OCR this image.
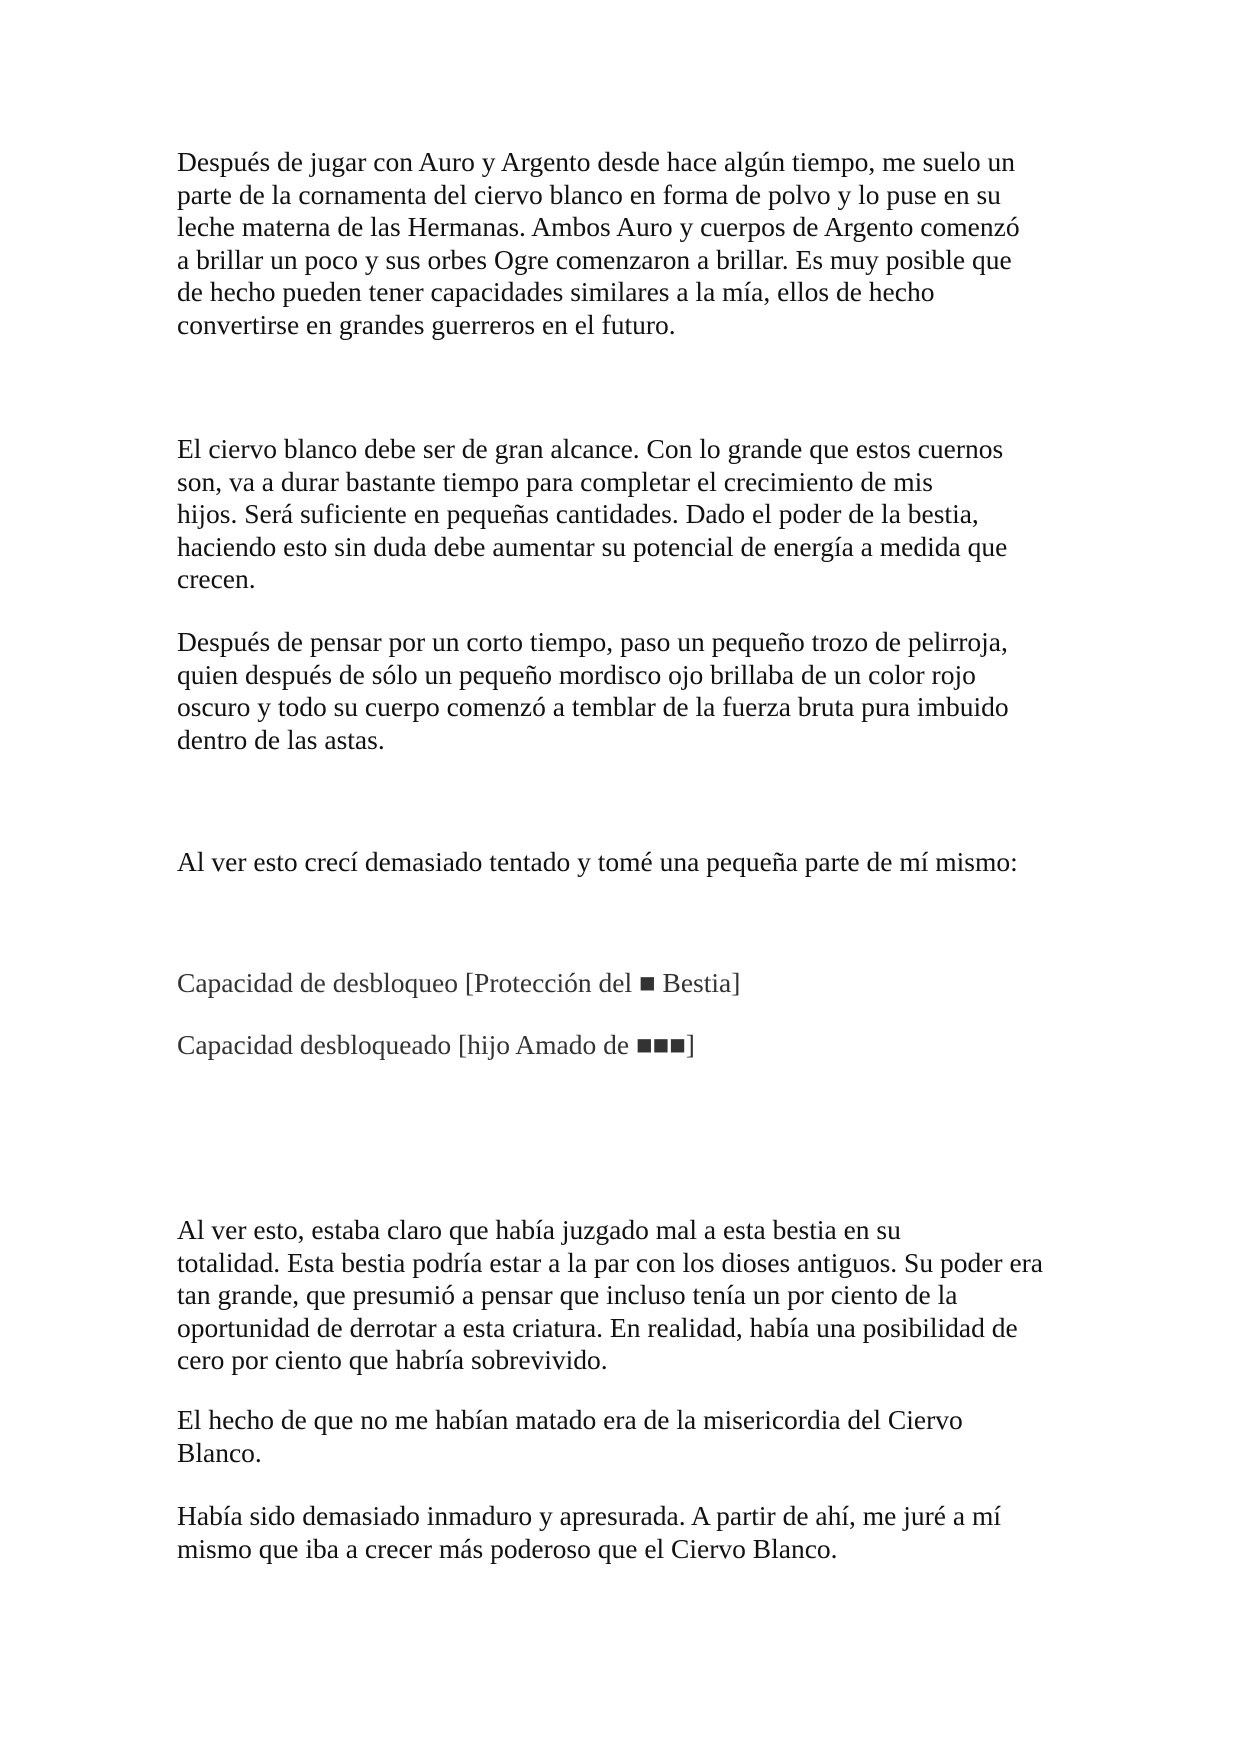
Después de jugar con Auro y Argento desde hace algún tiempo, me suelo un
parte de la cornamenta del ciervo blanco en forma de polvo y lo puse en su
leche materna de las Hermanas. Ambos Auro y cuerpos de Argento comenzó
a brillar un poco y sus orbes Ogre comenzaron a brillar. Es muy posible que
de hecho pueden tener capacidades similares a la mía, ellos de hecho
convertirse en grandes guerreros en el futuro.

El ciervo blanco debe ser de gran alcance. Con lo grande que estos cuernos
son, va a durar bastante tiempo para completar el crecimiento de mis
hijos. Será suficiente en pequeñas cantidades. Dado el poder de la bestia,
haciendo esto sin duda debe aumentar su potencial de energía a medida que
crecen.

Después de pensar por un corto tiempo, paso un pequeño trozo de pelirroja,
quien después de sólo un pequeño mordisco ojo brillaba de un color rojo
oscuro y todo su cuerpo comenzó a temblar de la fuerza bruta pura imbuido
dentro de las astas.

Al ver esto crecí demasiado tentado y tomé una pequeña parte de mí mismo:

Capacidad de desbloqueo [Protección del ■ Bestia]

Capacidad desbloqueado [hijo Amado de ■■■]

Al ver esto, estaba claro que había juzgado mal a esta bestia en su
totalidad. Esta bestia podría estar a la par con los dioses antiguos. Su poder era
tan grande, que presumió a pensar que incluso tenía un por ciento de la
oportunidad de derrotar a esta criatura. En realidad, había una posibilidad de
cero por ciento que habría sobrevivido.

El hecho de que no me habían matado era de la misericordia del Ciervo
Blanco.

Había sido demasiado inmaduro y apresurada. A partir de ahí, me juré a mí
mismo que iba a crecer más poderoso que el Ciervo Blanco.
